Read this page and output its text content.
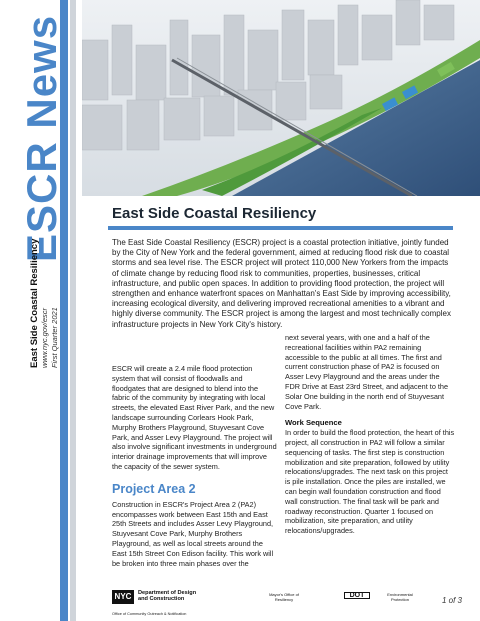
ESCR News
East Side Coastal Resiliency www.nyc.gov/escr First Quarter 2021
East Side Coastal Resiliency

The East Side Coastal Resiliency (ESCR) project is a coastal protection initiative, jointly funded by the City of New York and the federal government, aimed at reducing flood risk due to coastal storms and sea level rise. The ESCR project will protect 110,000 New Yorkers from the impacts of climate change by reducing flood risk to communities, properties, businesses, critical infrastructure, and public open spaces. In addition to providing flood protection, the project will strengthen and enhance waterfront spaces on Manhattan's East Side by improving accessibility, increasing ecological diversity, and delivering improved recreational amenities to a vibrant and highly diverse community. The ESCR project is among the largest and most technically complex infrastructure projects in New York City's history.

ESCR will create a 2.4 mile flood protection system that will consist of floodwalls and floodgates that are designed to blend into the fabric of the community by integrating with local streets, the elevated East River Park, and the new landscape surrounding Corlears Hook Park, Murphy Brothers Playground, Stuyvesant Cove Park, and Asser Levy Playground. The project will also involve significant investments in underground interior drainage improvements that will improve the capacity of the sewer system.

Project Area 2

Construction in ESCR's Project Area 2 (PA2) encompasses work between East 15th and East 25th Streets and includes Asser Levy Playground, Stuyvesant Cove Park, Murphy Brothers Playground, as well as local streets around the East 15th Street Con Edison facility. This work will be broken into three main phases over the

next several years, with one and a half of the recreational facilities within PA2 remaining accessible to the public at all times. The first and current construction phase of PA2 is focused on Asser Levy Playground and the areas under the FDR Drive at East 23rd Street, and adjacent to the Solar One building in the north end of Stuyvesant Cove Park.

Work Sequence

In order to build the flood protection, the heart of this project, all construction in PA2 will follow a similar sequencing of tasks. The first step is construction mobilization and site preparation, followed by utility relocations/upgrades. The next task on this project is pile installation. Once the piles are installed, we can begin wall foundation construction and flood wall construction. The final task will be park and roadway reconstruction. Quarter 1 focused on mobilization, site preparation, and utility relocations/upgrades.

NYC	Department of Design and Construction
Office of Community Outreach & Notification
Mayor's Office of Resiliency
DOT	Environmental Protection	1 of 3
